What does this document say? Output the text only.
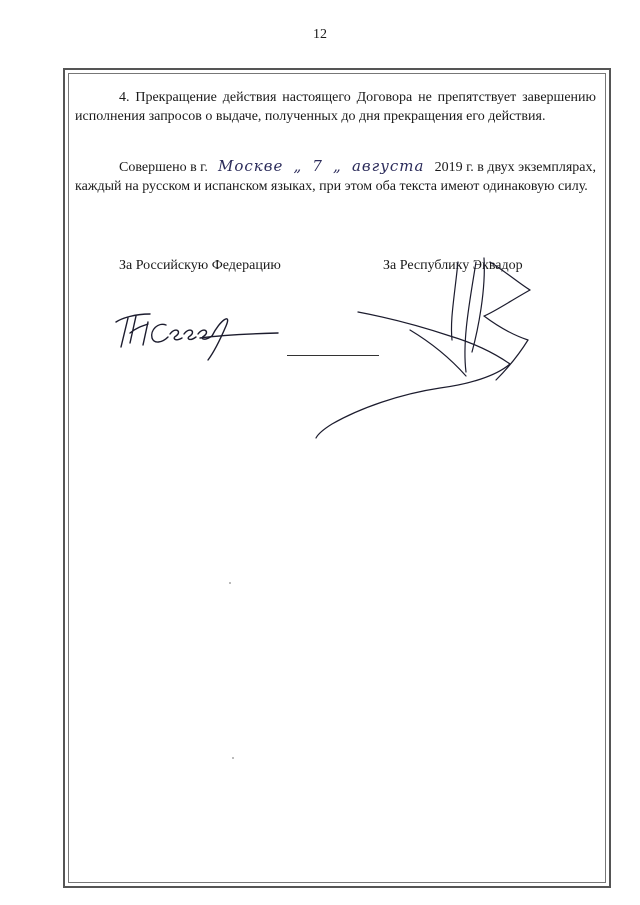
12
4. Прекращение действия настоящего Договора не препятствует завершению исполнения запросов о выдаче, полученных до дня прекращения его действия.
Совершено в г. Москве „ 7 „ августа 2019 г. в двух экземплярах,
каждый на русском и испанском языках, при этом оба текста имеют одинаковую силу.
За Российскую Федерацию	За Республику Эквадор
